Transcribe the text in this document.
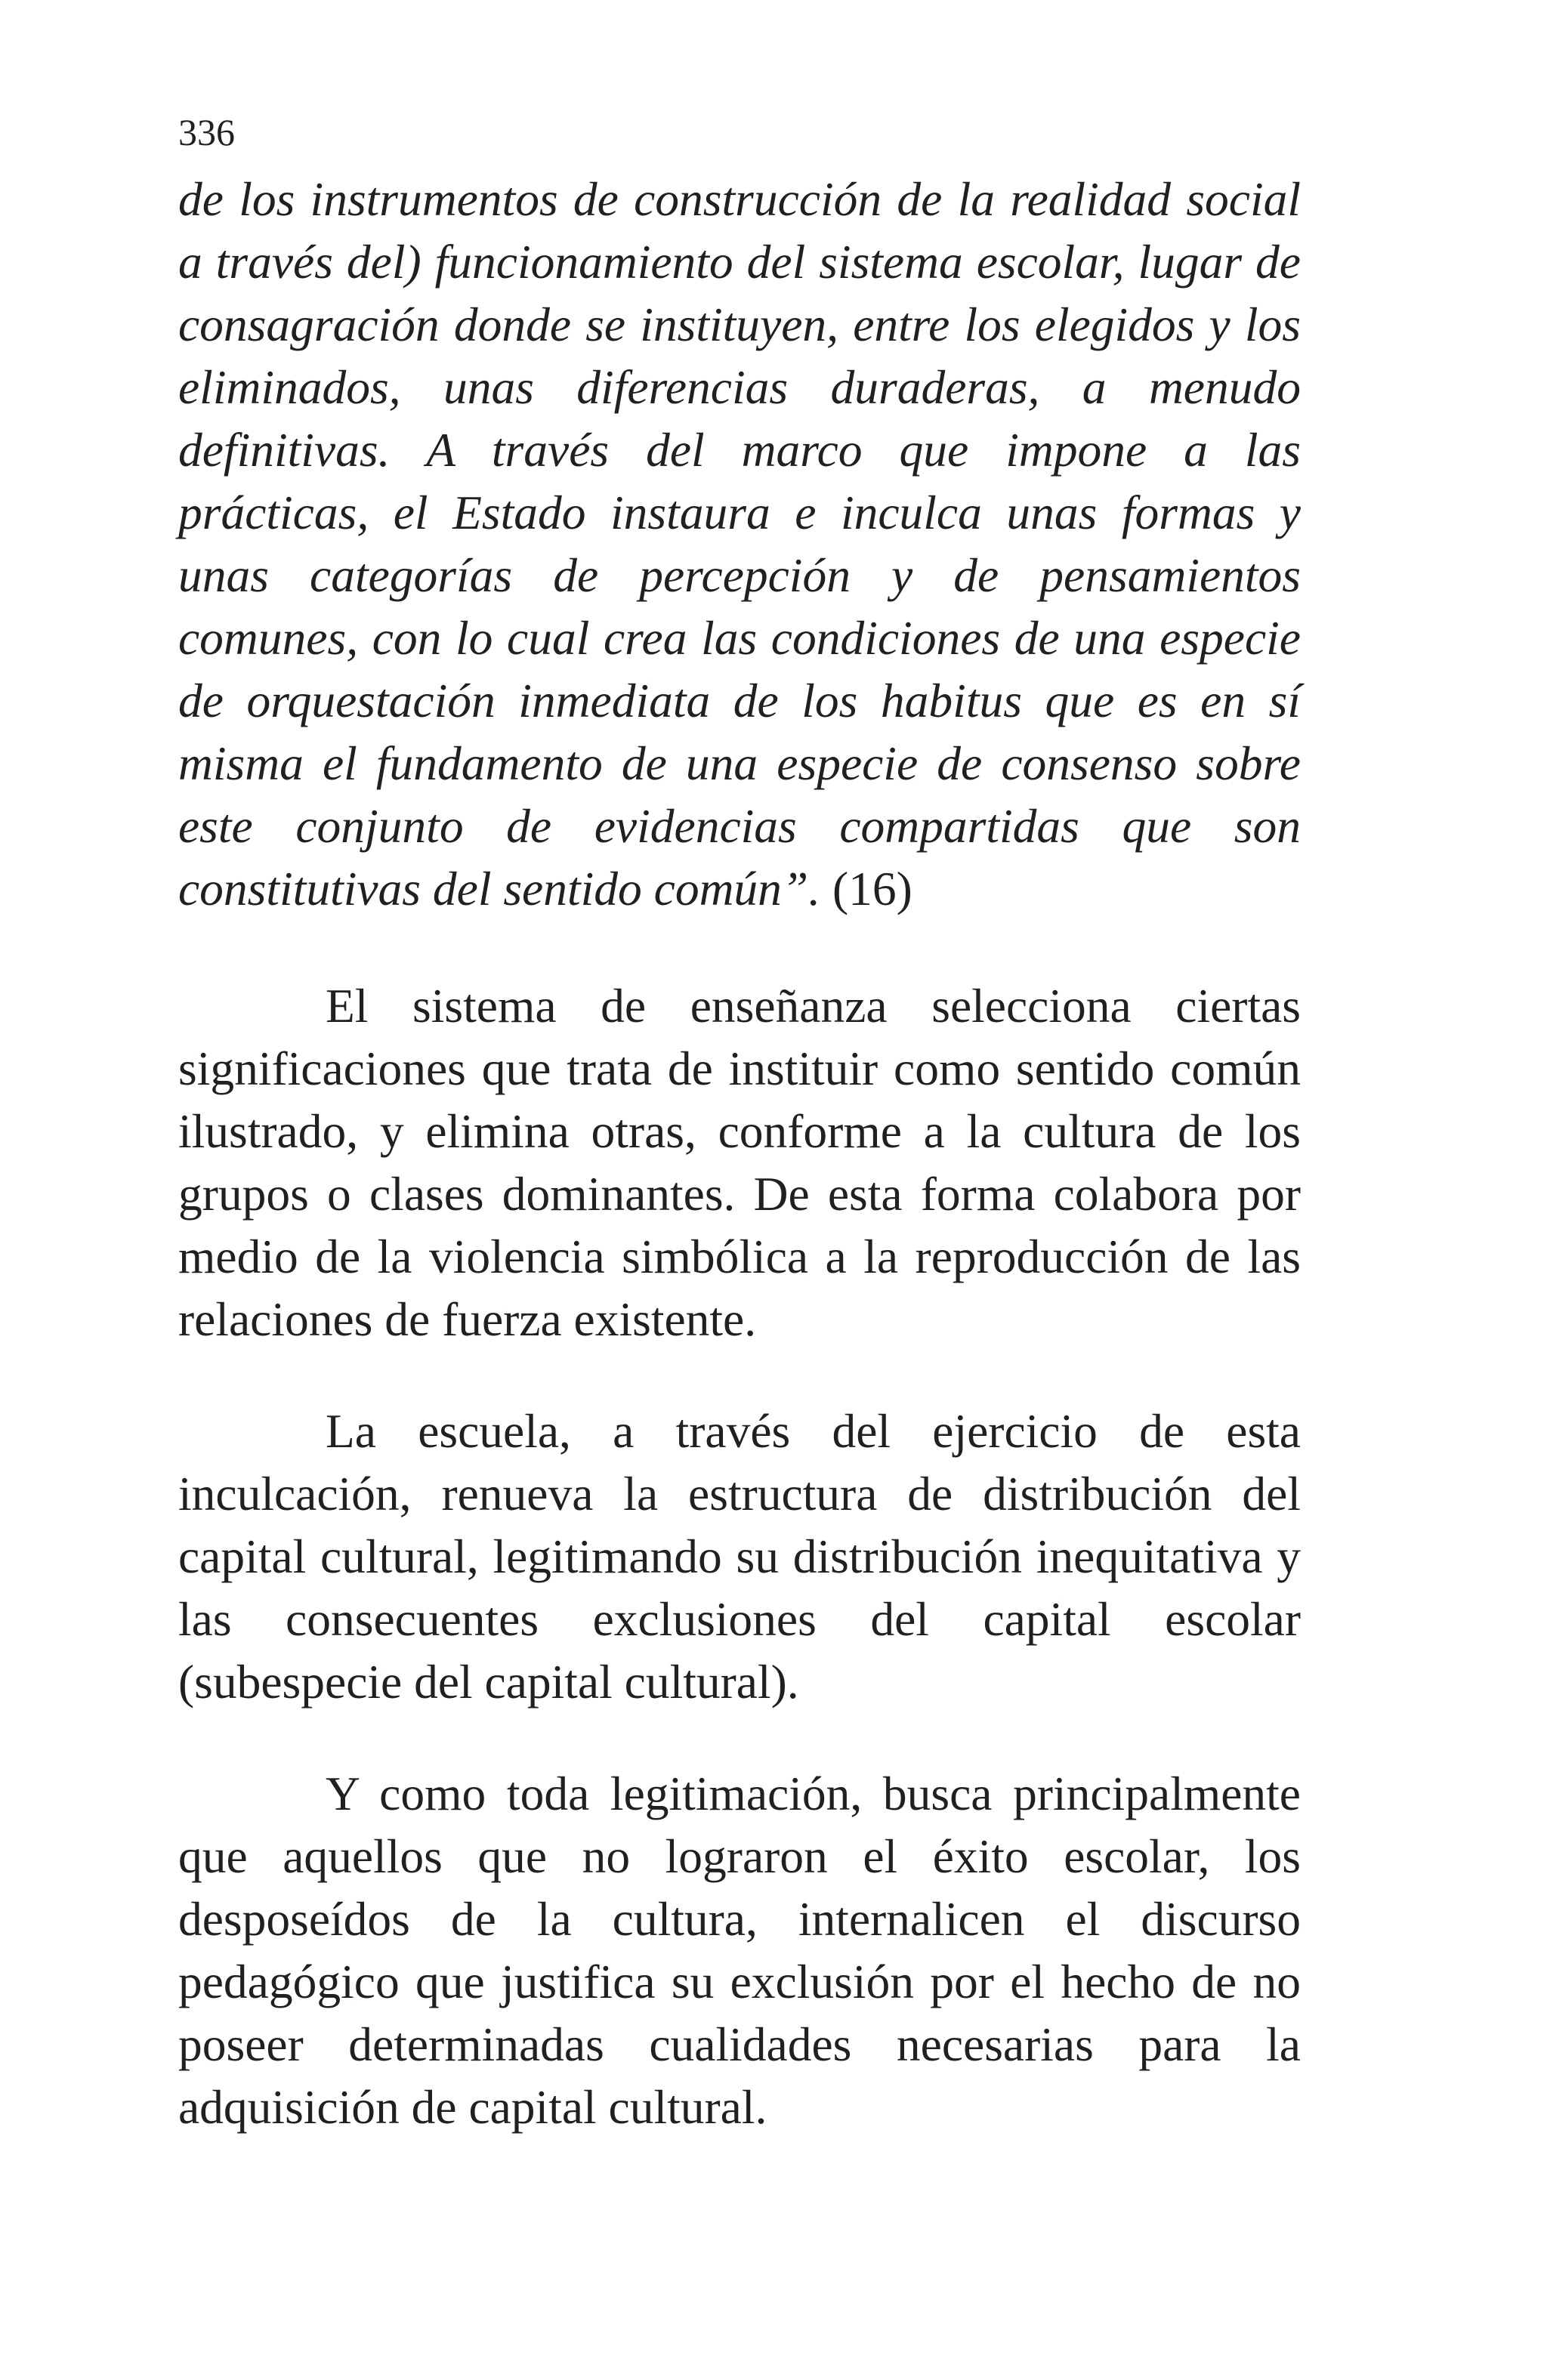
336

de los instrumentos de construcción de la realidad social a través del) funcionamiento del sistema escolar, lugar de consagración donde se instituyen, entre los elegidos y los eliminados, unas diferencias duraderas, a menudo definitivas. A través del marco que impone a las prácticas, el Estado instaura e inculca unas formas y unas categorías de percepción y de pensamientos comunes, con lo cual crea las condiciones de una especie de orquestación inmediata de los habitus que es en sí misma el fundamento de una especie de consenso sobre este conjunto de evidencias compartidas que son constitutivas del sentido común”. (16)

El sistema de enseñanza selecciona ciertas significaciones que trata de instituir como sentido común ilustrado, y elimina otras, conforme a la cultura de los grupos o clases dominantes. De esta forma colabora por medio de la violencia simbólica a la reproducción de las relaciones de fuerza existente.

La escuela, a través del ejercicio de esta inculcación, renueva la estructura de distribución del capital cultural, legitimando su distribución inequitativa y las consecuentes exclusiones del capital escolar (subespecie del capital cultural).

Y como toda legitimación, busca principalmente que aquellos que no lograron el éxito escolar, los desposeídos de la cultura, internalicen el discurso pedagógico que justifica su exclusión por el hecho de no poseer determinadas cualidades necesarias para la adquisición de capital cultural.
